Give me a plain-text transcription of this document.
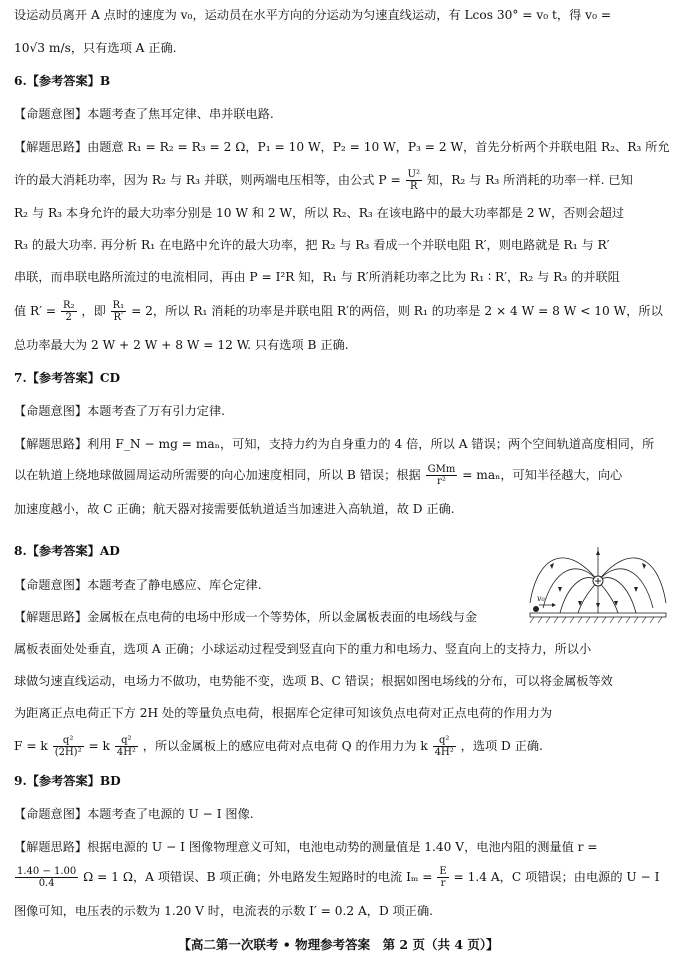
设运动员离开 A 点时的速度为 v₀，运动员在水平方向的分运动为匀速直线运动，有 Lcos 30° = v₀ t，得 v₀ =
10√3 m/s，只有选项 A 正确.
6.【参考答案】B
【命题意图】本题考查了焦耳定律、串并联电路.
【解题思路】由题意 R₁ = R₂ = R₃ = 2 Ω，P₁ = 10 W，P₂ = 10 W，P₃ = 2 W，首先分析两个并联电阻 R₂、R₃ 所允
许的最大消耗功率，因为 R₂ 与 R₃ 并联，则两端电压相等，由公式 $P = \frac{\text{U²}}{R}$ 知，R₂ 与 R₃ 所消耗的功率一样. 已知
R₂ 与 R₃ 本身允许的最大功率分别是 10 W 和 2 W，所以 R₂、R₃ 在该电路中的最大功率都是 2 W，否则会超过
R₃ 的最大功率. 再分析 R₁ 在电路中允许的最大功率，把 R₂ 与 R₃ 看成一个并联电阻 R′，则电路就是 R₁ 与 R′
串联，而串联电路所流过的电流相同，再由 P = I²R 知，R₁ 与 R′所消耗功率之比为 R₁ ∶ R′，R₂ 与 R₃ 的并联阻
值 $R' = \frac{\text{R₂}}{2}$ ，即 $\frac{\text{R₁}}{R'} = 2$，所以 R₁ 消耗的功率是并联电阻 R′的两倍，则 R₁ 的功率是 2 × 4 W = 8 W < 10 W，所以
总功率最大为 2 W + 2 W + 8 W = 12 W. 只有选项 B 正确.
7.【参考答案】CD
【命题意图】本题考查了万有引力定律.
【解题思路】利用 F_N − mg = maₙ，可知，支持力约为自身重力的 4 倍，所以 A 错误；两个空间轨道高度相同，所
以在轨道上绕地球做圆周运动所需要的向心加速度相同，所以 B 错误；根据 $\frac{\text{GMm}}{\text{r²}} = ma_n$，可知半径越大，向心
加速度越小，故 C 正确；航天器对接需要低轨道适当加速进入高轨道，故 D 正确.
8.【参考答案】AD
【命题意图】本题考查了静电感应、库仑定律.
【解题思路】金属板在点电荷的电场中形成一个等势体，所以金属板表面的电场线与金
属板表面处处垂直，选项 A 正确；小球运动过程受到竖直向下的重力和电场力、竖直向上的支持力，所以小
球做匀速直线运动，电场力不做功，电势能不变，选项 B、C 错误；根据如图电场线的分布，可以将金属板等效
为距离正点电荷正下方 2H 处的等量负点电荷，根据库仑定律可知该负点电荷对正点电荷的作用力为
F = k $\frac{\text{q²}}{\text{(2H)²}} = k \frac{\text{q²}}{\text{4H²}}$ ，所以金属板上的感应电荷对点电荷 Q 的作用力为 k $\frac{\text{q²}}{\text{4H²}}$ ，选项 D 正确.
9.【参考答案】BD
【命题意图】本题考查了电源的 U − I 图像.
【解题思路】根据电源的 U − I 图像物理意义可知，电池电动势的测量值是 1.40 V，电池内阻的测量值 r =
$\frac{1.40 - 1.00}{0.4}$ Ω = 1 Ω，A 项错误、B 项正确；外电路发生短路时的电流 $I_m = \frac{E}{r} = 1.4$ A，C 项错误；由电源的 U − I
图像可知，电压表的示数为 1.20 V 时，电流表的示数 I′ = 0.2 A，D 项正确.
【高二第一次联考 • 物理参考答案　第 2 页（共 4 页）】
v₀
